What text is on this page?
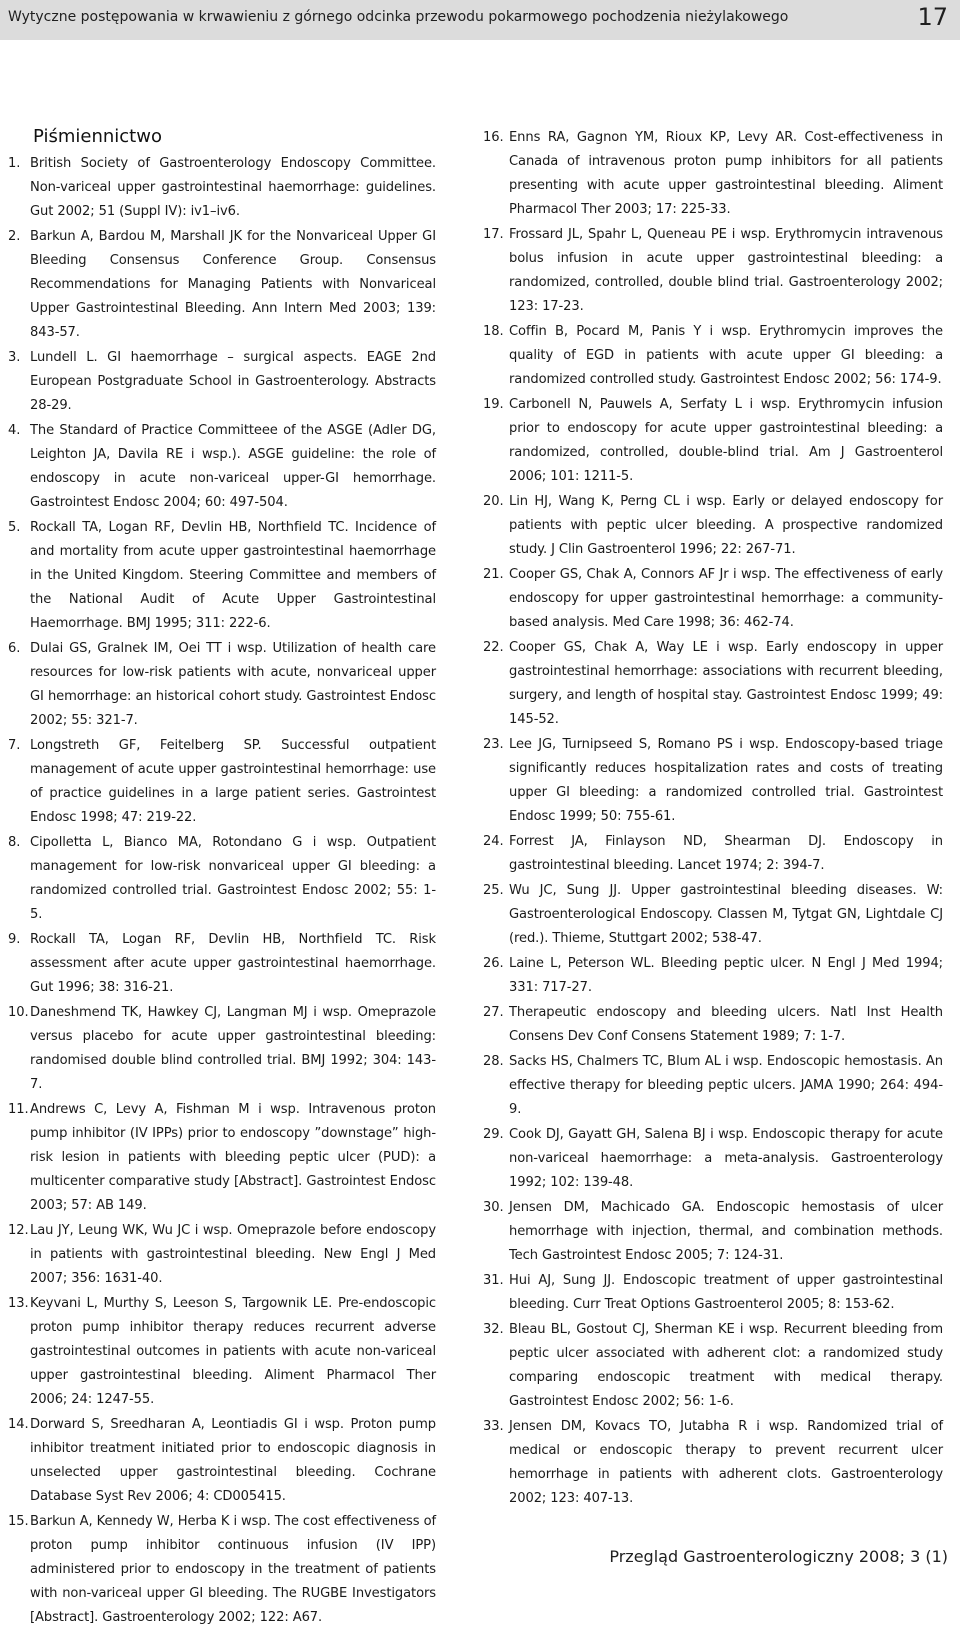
Wytyczne postępowania w krwawieniu z górnego odcinka przewodu pokarmowego pochodzenia nieżylakowego	17
Piśmiennictwo
1. British Society of Gastroenterology Endoscopy Committee. Non-variceal upper gastrointestinal haemorrhage: guidelines. Gut 2002; 51 (Suppl IV): iv1–iv6.
2. Barkun A, Bardou M, Marshall JK for the Nonvariceal Upper GI Bleeding Consensus Conference Group. Consensus Recommendations for Managing Patients with Nonvariceal Upper Gastrointestinal Bleeding. Ann Intern Med 2003; 139: 843-57.
3. Lundell L. GI haemorrhage – surgical aspects. EAGE 2nd European Postgraduate School in Gastroenterology. Abstracts 28-29.
4. The Standard of Practice Committeee of the ASGE (Adler DG, Leighton JA, Davila RE i wsp.). ASGE guideline: the role of endoscopy in acute non-variceal upper-GI hemorrhage. Gastrointest Endosc 2004; 60: 497-504.
5. Rockall TA, Logan RF, Devlin HB, Northfield TC. Incidence of and mortality from acute upper gastrointestinal haemorrhage in the United Kingdom. Steering Committee and members of the National Audit of Acute Upper Gastrointestinal Haemorrhage. BMJ 1995; 311: 222-6.
6. Dulai GS, Gralnek IM, Oei TT i wsp. Utilization of health care resources for low-risk patients with acute, nonvariceal upper GI hemorrhage: an historical cohort study. Gastrointest Endosc 2002; 55: 321-7.
7. Longstreth GF, Feitelberg SP. Successful outpatient management of acute upper gastrointestinal hemorrhage: use of practice guidelines in a large patient series. Gastrointest Endosc 1998; 47: 219-22.
8. Cipolletta L, Bianco MA, Rotondano G i wsp. Outpatient management for low-risk nonvariceal upper GI bleeding: a randomized controlled trial. Gastrointest Endosc 2002; 55: 1-5.
9. Rockall TA, Logan RF, Devlin HB, Northfield TC. Risk assessment after acute upper gastrointestinal haemorrhage. Gut 1996; 38: 316-21.
10. Daneshmend TK, Hawkey CJ, Langman MJ i wsp. Omeprazole versus placebo for acute upper gastrointestinal bleeding: randomised double blind controlled trial. BMJ 1992; 304: 143-7.
11. Andrews C, Levy A, Fishman M i wsp. Intravenous proton pump inhibitor (IV IPPs) prior to endoscopy ”downstage” high-risk lesion in patients with bleeding peptic ulcer (PUD): a multicenter comparative study [Abstract]. Gastrointest Endosc 2003; 57: AB 149.
12. Lau JY, Leung WK, Wu JC i wsp. Omeprazole before endoscopy in patients with gastrointestinal bleeding. New Engl J Med 2007; 356: 1631-40.
13. Keyvani L, Murthy S, Leeson S, Targownik LE. Pre-endoscopic proton pump inhibitor therapy reduces recurrent adverse gastrointestinal outcomes in patients with acute non-variceal upper gastrointestinal bleeding. Aliment Pharmacol Ther 2006; 24: 1247-55.
14. Dorward S, Sreedharan A, Leontiadis GI i wsp. Proton pump inhibitor treatment initiated prior to endoscopic diagnosis in unselected upper gastrointestinal bleeding. Cochrane Database Syst Rev 2006; 4: CD005415.
15. Barkun A, Kennedy W, Herba K i wsp. The cost effectiveness of proton pump inhibitor continuous infusion (IV IPP) administered prior to endoscopy in the treatment of patients with non-variceal upper GI bleeding. The RUGBE Investigators [Abstract]. Gastroenterology 2002; 122: A67.
16. Enns RA, Gagnon YM, Rioux KP, Levy AR. Cost-effectiveness in Canada of intravenous proton pump inhibitors for all patients presenting with acute upper gastrointestinal bleeding. Aliment Pharmacol Ther 2003; 17: 225-33.
17. Frossard JL, Spahr L, Queneau PE i wsp. Erythromycin intravenous bolus infusion in acute upper gastrointestinal bleeding: a randomized, controlled, double blind trial. Gastroenterology 2002; 123: 17-23.
18. Coffin B, Pocard M, Panis Y i wsp. Erythromycin improves the quality of EGD in patients with acute upper GI bleeding: a randomized controlled study. Gastrointest Endosc 2002; 56: 174-9.
19. Carbonell N, Pauwels A, Serfaty L i wsp. Erythromycin infusion prior to endoscopy for acute upper gastrointestinal bleeding: a randomized, controlled, double-blind trial. Am J Gastroenterol 2006; 101: 1211-5.
20. Lin HJ, Wang K, Perng CL i wsp. Early or delayed endoscopy for patients with peptic ulcer bleeding. A prospective randomized study. J Clin Gastroenterol 1996; 22: 267-71.
21. Cooper GS, Chak A, Connors AF Jr i wsp. The effectiveness of early endoscopy for upper gastrointestinal hemorrhage: a community-based analysis. Med Care 1998; 36: 462-74.
22. Cooper GS, Chak A, Way LE i wsp. Early endoscopy in upper gastrointestinal hemorrhage: associations with recurrent bleeding, surgery, and length of hospital stay. Gastrointest Endosc 1999; 49: 145-52.
23. Lee JG, Turnipseed S, Romano PS i wsp. Endoscopy-based triage significantly reduces hospitalization rates and costs of treating upper GI bleeding: a randomized controlled trial. Gastrointest Endosc 1999; 50: 755-61.
24. Forrest JA, Finlayson ND, Shearman DJ. Endoscopy in gastrointestinal bleeding. Lancet 1974; 2: 394-7.
25. Wu JC, Sung JJ. Upper gastrointestinal bleeding diseases. W: Gastroenterological Endoscopy. Classen M, Tytgat GN, Lightdale CJ (red.). Thieme, Stuttgart 2002; 538-47.
26. Laine L, Peterson WL. Bleeding peptic ulcer. N Engl J Med 1994; 331: 717-27.
27. Therapeutic endoscopy and bleeding ulcers. Natl Inst Health Consens Dev Conf Consens Statement 1989; 7: 1-7.
28. Sacks HS, Chalmers TC, Blum AL i wsp. Endoscopic hemostasis. An effective therapy for bleeding peptic ulcers. JAMA 1990; 264: 494-9.
29. Cook DJ, Gayatt GH, Salena BJ i wsp. Endoscopic therapy for acute non-variceal haemorrhage: a meta-analysis. Gastroenterology 1992; 102: 139-48.
30. Jensen DM, Machicado GA. Endoscopic hemostasis of ulcer hemorrhage with injection, thermal, and combination methods. Tech Gastrointest Endosc 2005; 7: 124-31.
31. Hui AJ, Sung JJ. Endoscopic treatment of upper gastrointestinal bleeding. Curr Treat Options Gastroenterol 2005; 8: 153-62.
32. Bleau BL, Gostout CJ, Sherman KE i wsp. Recurrent bleeding from peptic ulcer associated with adherent clot: a randomized study comparing endoscopic treatment with medical therapy. Gastrointest Endosc 2002; 56: 1-6.
33. Jensen DM, Kovacs TO, Jutabha R i wsp. Randomized trial of medical or endoscopic therapy to prevent recurrent ulcer hemorrhage in patients with adherent clots. Gastroenterology 2002; 123: 407-13.
Przegląd Gastroenterologiczny 2008; 3 (1)
